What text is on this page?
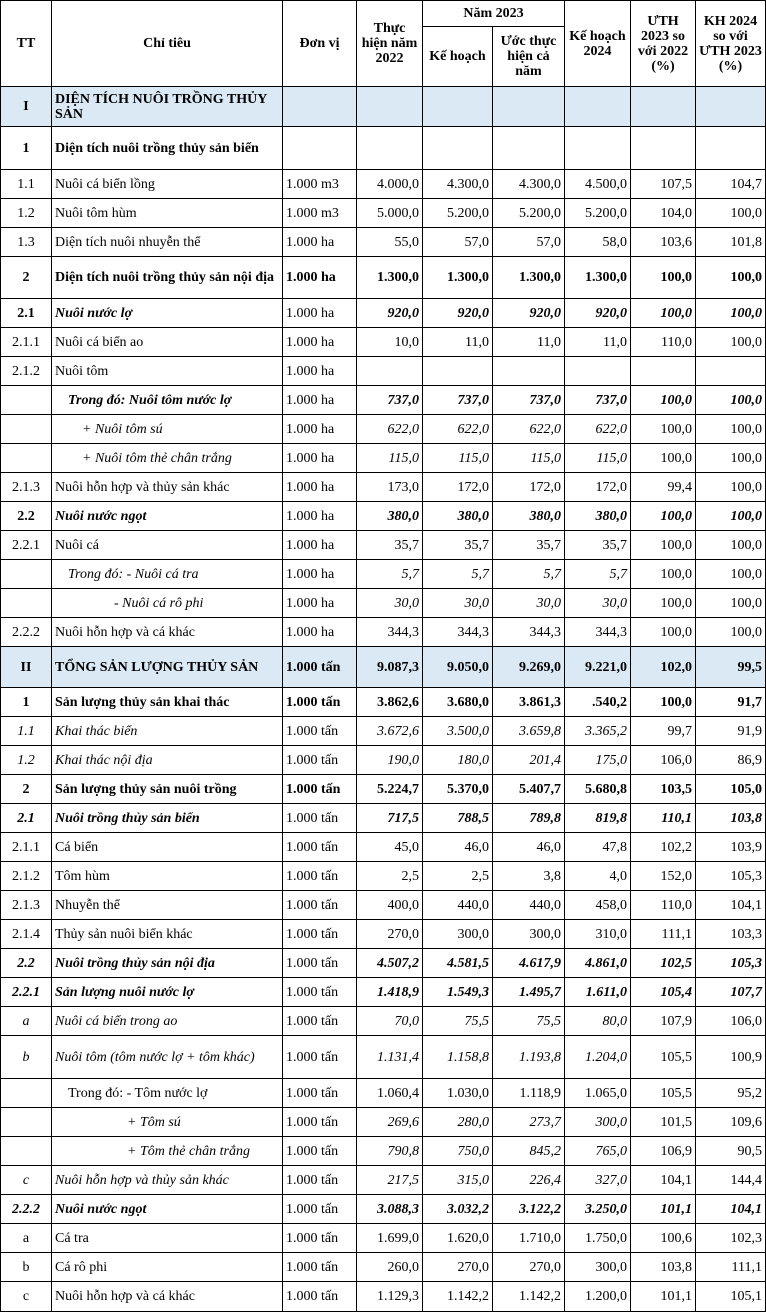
TT	Chỉ tiêu	Đơn vị	Thực hiện năm 2022	Năm 2023		Kế hoạch 2024	ƯTH 2023 so với 2022 (%)	KH 2024 so với ƯTH 2023 (%)
				Kế hoạch	Ước thực hiện cả năm			
I	DIỆN TÍCH NUÔI TRỒNG THỦY SẢN							
1	Diện tích nuôi trồng thủy sản biển							
1.1	Nuôi cá biển lồng	1.000 m3	4.000,0	4.300,0	4.300,0	4.500,0	107,5	104,7
1.2	Nuôi tôm hùm	1.000 m3	5.000,0	5.200,0	5.200,0	5.200,0	104,0	100,0
1.3	Diện tích nuôi nhuyễn thể	1.000 ha	55,0	57,0	57,0	58,0	103,6	101,8
2	Diện tích nuôi trồng thủy sản nội địa	1.000 ha	1.300,0	1.300,0	1.300,0	1.300,0	100,0	100,0
2.1	Nuôi nước lợ	1.000 ha	920,0	920,0	920,0	920,0	100,0	100,0
2.1.1	Nuôi cá biển ao	1.000 ha	10,0	11,0	11,0	11,0	110,0	100,0
2.1.2	Nuôi tôm	1.000 ha						
	Trong đó: Nuôi tôm nước lợ	1.000 ha	737,0	737,0	737,0	737,0	100,0	100,0
	+ Nuôi tôm sú	1.000 ha	622,0	622,0	622,0	622,0	100,0	100,0
	+ Nuôi tôm thẻ chân trắng	1.000 ha	115,0	115,0	115,0	115,0	100,0	100,0
2.1.3	Nuôi hỗn hợp và thủy sản khác	1.000 ha	173,0	172,0	172,0	172,0	99,4	100,0
2.2	Nuôi nước ngọt	1.000 ha	380,0	380,0	380,0	380,0	100,0	100,0
2.2.1	Nuôi cá	1.000 ha	35,7	35,7	35,7	35,7	100,0	100,0
	Trong đó: - Nuôi cá tra	1.000 ha	5,7	5,7	5,7	5,7	100,0	100,0
	- Nuôi cá rô phi	1.000 ha	30,0	30,0	30,0	30,0	100,0	100,0
2.2.2	Nuôi hỗn hợp và cá khác	1.000 ha	344,3	344,3	344,3	344,3	100,0	100,0
II	TỔNG SẢN LƯỢNG THỦY SẢN	1.000 tấn	9.087,3	9.050,0	9.269,0	9.221,0	102,0	99,5
1	Sản lượng thủy sản khai thác	1.000 tấn	3.862,6	3.680,0	3.861,3	.540,2	100,0	91,7
1.1	Khai thác biển	1.000 tấn	3.672,6	3.500,0	3.659,8	3.365,2	99,7	91,9
1.2	Khai thác nội địa	1.000 tấn	190,0	180,0	201,4	175,0	106,0	86,9
2	Sản lượng thủy sản nuôi trồng	1.000 tấn	5.224,7	5.370,0	5.407,7	5.680,8	103,5	105,0
2.1	Nuôi trồng thủy sản biển	1.000 tấn	717,5	788,5	789,8	819,8	110,1	103,8
2.1.1	Cá biển	1.000 tấn	45,0	46,0	46,0	47,8	102,2	103,9
2.1.2	Tôm hùm	1.000 tấn	2,5	2,5	3,8	4,0	152,0	105,3
2.1.3	Nhuyễn thể	1.000 tấn	400,0	440,0	440,0	458,0	110,0	104,1
2.1.4	Thủy sản nuôi biển khác	1.000 tấn	270,0	300,0	300,0	310,0	111,1	103,3
2.2	Nuôi trồng thủy sản nội địa	1.000 tấn	4.507,2	4.581,5	4.617,9	4.861,0	102,5	105,3
2.2.1	Sản lượng nuôi nước lợ	1.000 tấn	1.418,9	1.549,3	1.495,7	1.611,0	105,4	107,7
a	Nuôi cá biển trong ao	1.000 tấn	70,0	75,5	75,5	80,0	107,9	106,0
b	Nuôi tôm (tôm nước lợ + tôm khác)	1.000 tấn	1.131,4	1.158,8	1.193,8	1.204,0	105,5	100,9
	Trong đó: - Tôm nước lợ	1.000 tấn	1.060,4	1.030,0	1.118,9	1.065,0	105,5	95,2
	+ Tôm sú	1.000 tấn	269,6	280,0	273,7	300,0	101,5	109,6
	+ Tôm thẻ chân trắng	1.000 tấn	790,8	750,0	845,2	765,0	106,9	90,5
c	Nuôi hỗn hợp và thủy sản khác	1.000 tấn	217,5	315,0	226,4	327,0	104,1	144,4
2.2.2	Nuôi nước ngọt	1.000 tấn	3.088,3	3.032,2	3.122,2	3.250,0	101,1	104,1
a	Cá tra	1.000 tấn	1.699,0	1.620,0	1.710,0	1.750,0	100,6	102,3
b	Cá rô phi	1.000 tấn	260,0	270,0	270,0	300,0	103,8	111,1
c	Nuôi hỗn hợp và cá khác	1.000 tấn	1.129,3	1.142,2	1.142,2	1.200,0	101,1	105,1
